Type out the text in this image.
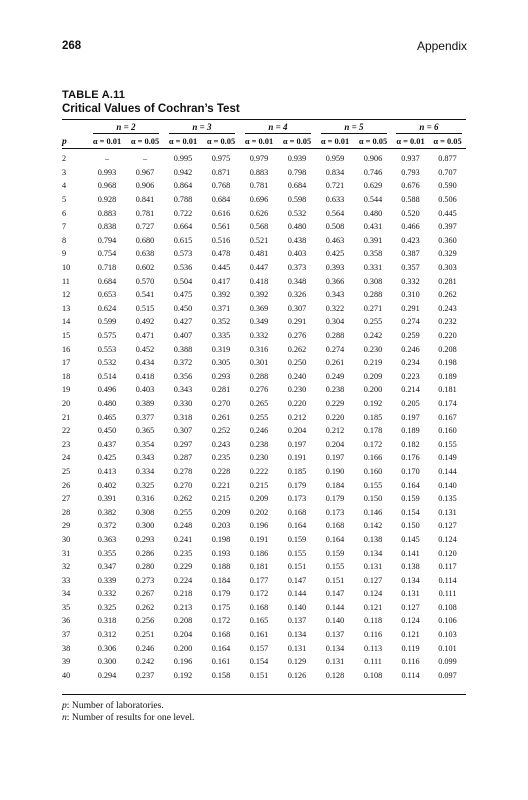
268	Appendix
TABLE A.11
Critical Values of Cochran’s Test
	n = 2		n = 3		n = 4		n = 5		n = 6	
p	α = 0.01	α = 0.05	α = 0.01	α = 0.05	α = 0.01	α = 0.05	α = 0.01	α = 0.05	α = 0.01	α = 0.05
2	–	–	0.995	0.975	0.979	0.939	0.959	0.906	0.937	0.877
3	0.993	0.967	0.942	0.871	0.883	0.798	0.834	0.746	0.793	0.707
4	0.968	0.906	0.864	0.768	0.781	0.684	0.721	0.629	0.676	0.590
5	0.928	0.841	0.788	0.684	0.696	0.598	0.633	0.544	0.588	0.506
6	0.883	0.781	0.722	0.616	0.626	0.532	0.564	0.480	0.520	0.445
7	0.838	0.727	0.664	0.561	0.568	0.480	0.508	0.431	0.466	0.397
8	0.794	0.680	0.615	0.516	0.521	0.438	0.463	0.391	0.423	0.360
9	0.754	0.638	0.573	0.478	0.481	0.403	0.425	0.358	0.387	0.329
10	0.718	0.602	0.536	0.445	0.447	0.373	0.393	0.331	0.357	0.303
11	0.684	0.570	0.504	0.417	0.418	0.348	0.366	0.308	0.332	0.281
12	0.653	0.541	0.475	0.392	0.392	0.326	0.343	0.288	0.310	0.262
13	0.624	0.515	0.450	0.371	0.369	0.307	0.322	0.271	0.291	0.243
14	0.599	0.492	0.427	0.352	0.349	0.291	0.304	0.255	0.274	0.232
15	0.575	0.471	0.407	0.335	0.332	0.276	0.288	0.242	0.259	0.220
16	0.553	0.452	0.388	0.319	0.316	0.262	0.274	0.230	0.246	0.208
17	0.532	0.434	0.372	0.305	0.301	0.250	0.261	0.219	0.234	0.198
18	0.514	0.418	0.356	0.293	0.288	0.240	0.249	0.209	0.223	0.189
19	0.496	0.403	0.343	0.281	0.276	0.230	0.238	0.200	0.214	0.181
20	0.480	0.389	0.330	0.270	0.265	0.220	0.229	0.192	0.205	0.174
21	0.465	0.377	0.318	0.261	0.255	0.212	0.220	0.185	0.197	0.167
22	0.450	0.365	0.307	0.252	0.246	0.204	0.212	0.178	0.189	0.160
23	0.437	0.354	0.297	0.243	0.238	0.197	0.204	0.172	0.182	0.155
24	0.425	0.343	0.287	0.235	0.230	0.191	0.197	0.166	0.176	0.149
25	0.413	0.334	0.278	0.228	0.222	0.185	0.190	0.160	0.170	0.144
26	0.402	0.325	0.270	0.221	0.215	0.179	0.184	0.155	0.164	0.140
27	0.391	0.316	0.262	0.215	0.209	0.173	0.179	0.150	0.159	0.135
28	0.382	0.308	0.255	0.209	0.202	0.168	0.173	0.146	0.154	0.131
29	0.372	0.300	0.248	0.203	0.196	0.164	0.168	0.142	0.150	0.127
30	0.363	0.293	0.241	0.198	0.191	0.159	0.164	0.138	0.145	0.124
31	0.355	0.286	0.235	0.193	0.186	0.155	0.159	0.134	0.141	0.120
32	0.347	0.280	0.229	0.188	0.181	0.151	0.155	0.131	0.138	0.117
33	0.339	0.273	0.224	0.184	0.177	0.147	0.151	0.127	0.134	0.114
34	0.332	0.267	0.218	0.179	0.172	0.144	0.147	0.124	0.131	0.111
35	0.325	0.262	0.213	0.175	0.168	0.140	0.144	0.121	0.127	0.108
36	0.318	0.256	0.208	0.172	0.165	0.137	0.140	0.118	0.124	0.106
37	0.312	0.251	0.204	0.168	0.161	0.134	0.137	0.116	0.121	0.103
38	0.306	0.246	0.200	0.164	0.157	0.131	0.134	0.113	0.119	0.101
39	0.300	0.242	0.196	0.161	0.154	0.129	0.131	0.111	0.116	0.099
40	0.294	0.237	0.192	0.158	0.151	0.126	0.128	0.108	0.114	0.097
p: Number of laboratories.
n: Number of results for one level.
